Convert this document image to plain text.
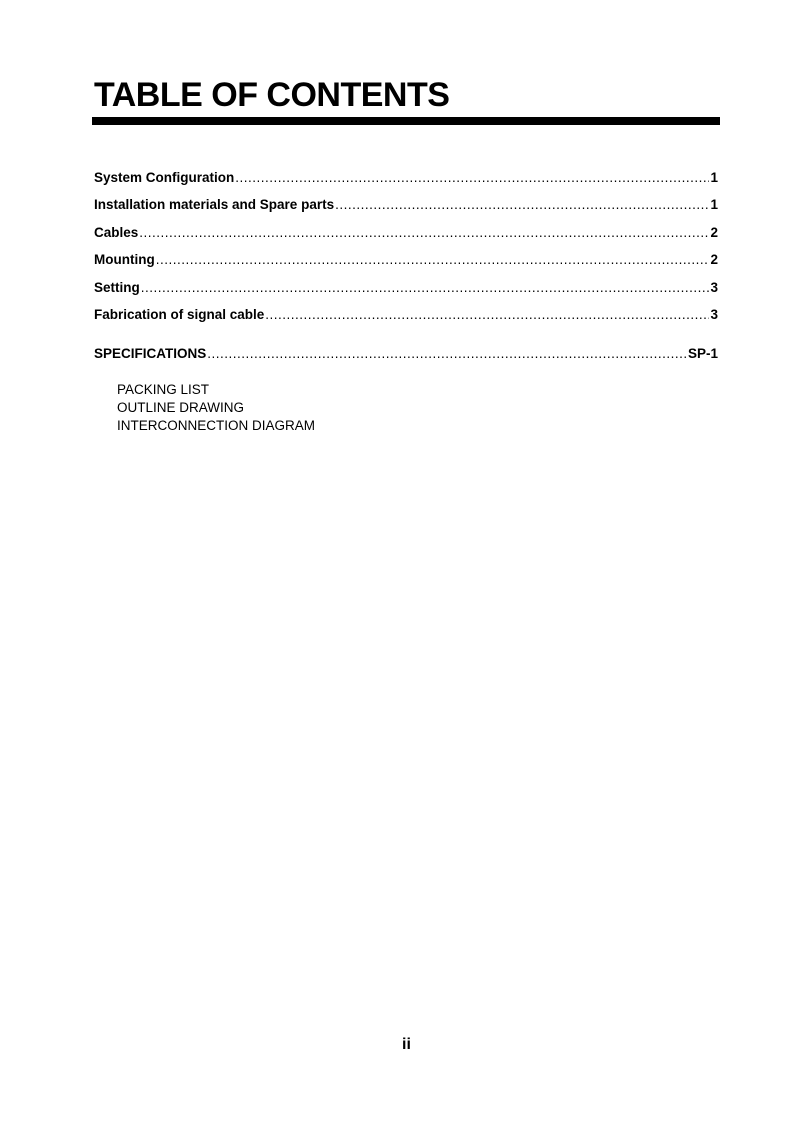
TABLE OF CONTENTS
System Configuration .....	1
Installation materials and Spare parts .....	1
Cables .....	2
Mounting .....	2
Setting .....	3
Fabrication of signal cable .....	3
SPECIFICATIONS .....	SP-1
PACKING LIST
OUTLINE DRAWING
INTERCONNECTION DIAGRAM
ii
